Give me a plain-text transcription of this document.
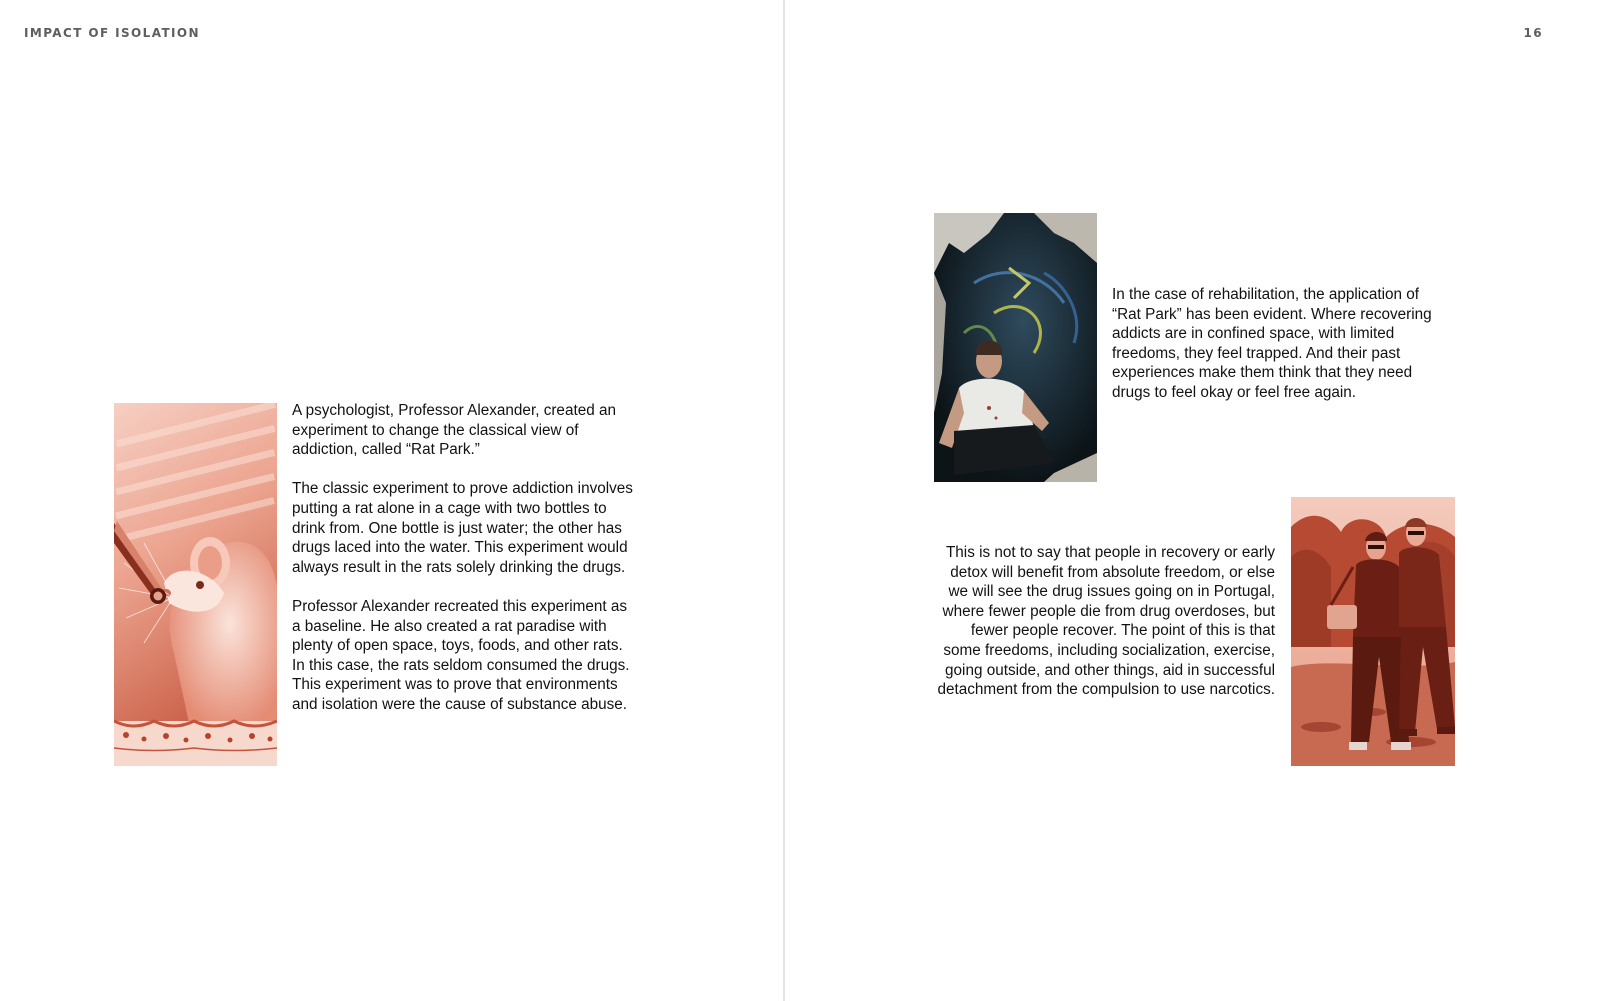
IMPACT OF ISOLATION	16

A psychologist, Professor Alexander, created an experiment to change the classical view of addiction, called “Rat Park.”

The classic experiment to prove addiction involves putting a rat alone in a cage with two bottles to drink from. One bottle is just water; the other has drugs laced into the water. This experiment would always result in the rats solely drinking the drugs.

Professor Alexander recreated this experiment as a baseline. He also created a rat paradise with plenty of open space, toys, foods, and other rats. In this case, the rats seldom consumed the drugs. This experiment was to prove that environments and isolation were the cause of substance abuse.

In the case of rehabilitation, the application of “Rat Park” has been evident. Where recovering addicts are in confined space, with limited freedoms, they feel trapped. And their past experiences make them think that they need drugs to feel okay or feel free again.
This is not to say that people in recovery or early detox will benefit from absolute freedom, or else we will see the drug issues going on in Portugal, where fewer people die from drug overdoses, but fewer people recover. The point of this is that some freedoms, including socialization, exercise, going outside, and other things, aid in successful detachment from the compulsion to use narcotics.
